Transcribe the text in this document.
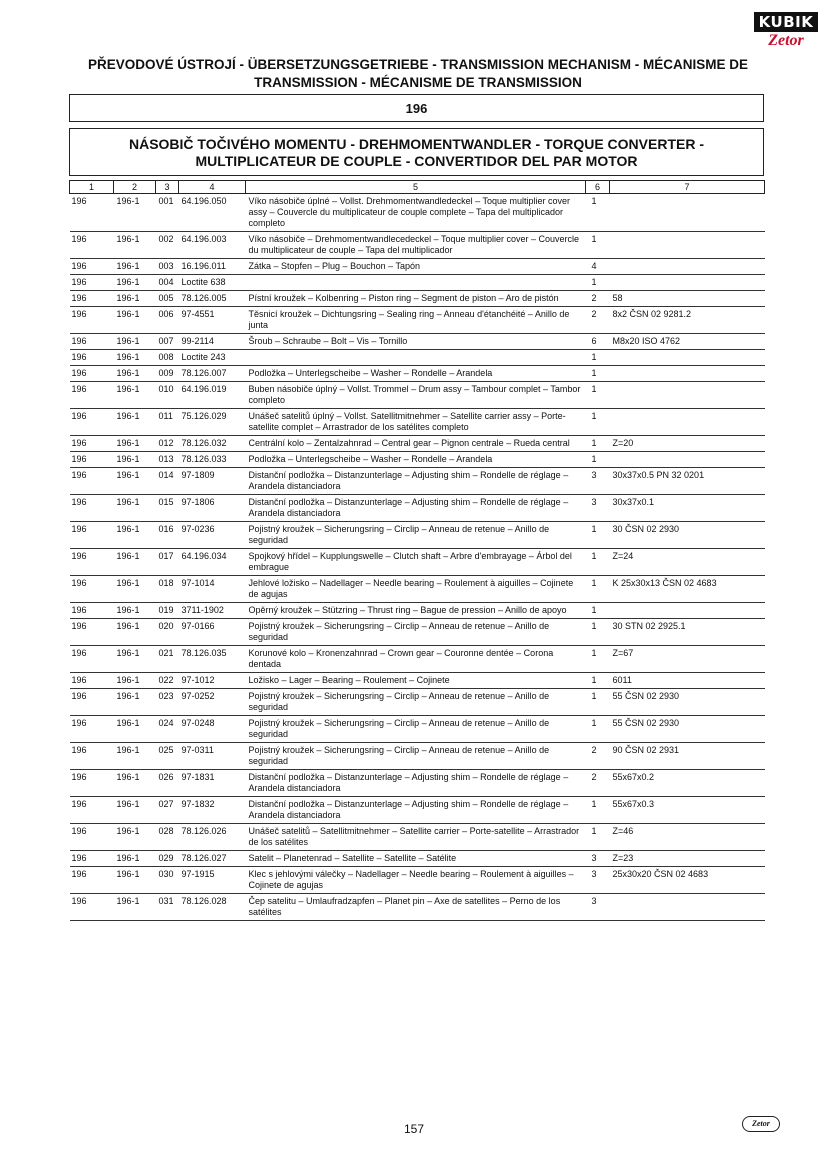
KUBIK
Zetor
PŘEVODOVÉ ÚSTROJÍ - ÜBERSETZUNGSGETRIEBE - TRANSMISSION MECHANISM - MÉCANISME DE TRANSMISSION - MÉCANISME DE TRANSMISSION
196
NÁSOBIČ TOČIVÉHO MOMENTU - DREHMOMENTWANDLER - TORQUE CONVERTER -
MULTIPLICATEUR DE COUPLE - CONVERTIDOR DEL PAR MOTOR
1	2	3	4	5	6	7
196	196-1	001	64.196.050	Víko násobiče úplné – Vollst. Drehmomentwandledeckel – Toque multiplier cover assy – Couvercle du multiplicateur de couple complete – Tapa del multiplicador completo	1	
196	196-1	002	64.196.003	Víko násobiče – Drehmomentwandlecedeckel – Toque multiplier cover – Couvercle du multiplicateur de couple – Tapa del multiplicador	1	
196	196-1	003	16.196.011	Zátka – Stopfen – Plug – Bouchon – Tapón	4	
196	196-1	004	Loctite 638		1	
196	196-1	005	78.126.005	Pístní kroužek – Kolbenring – Piston ring – Segment de piston – Aro de pistón	2	58
196	196-1	006	97-4551	Těsnicí kroužek – Dichtungsring – Sealing ring – Anneau d'étanchéité – Anillo de junta	2	8x2 ČSN 02 9281.2
196	196-1	007	99-2114	Šroub – Schraube – Bolt – Vis – Tornillo	6	M8x20 ISO 4762
196	196-1	008	Loctite 243		1	
196	196-1	009	78.126.007	Podložka – Unterlegscheibe – Washer – Rondelle – Arandela	1	
196	196-1	010	64.196.019	Buben násobiče úplný – Vollst. Trommel – Drum assy – Tambour complet – Tambor completo	1	
196	196-1	011	75.126.029	Unášeč satelitů úplný – Vollst. Satellitmitnehmer – Satellite carrier assy – Porte-satellite complet – Arrastrador de los satélites completo	1	
196	196-1	012	78.126.032	Centrální kolo – Zentalzahnrad – Central gear – Pignon centrale – Rueda central	1	Z=20
196	196-1	013	78.126.033	Podložka – Unterlegscheibe – Washer – Rondelle – Arandela	1	
196	196-1	014	97-1809	Distanční podložka – Distanzunterlage – Adjusting shim – Rondelle de réglage – Arandela distanciadora	3	30x37x0.5 PN 32 0201
196	196-1	015	97-1806	Distanční podložka – Distanzunterlage – Adjusting shim – Rondelle de réglage – Arandela distanciadora	3	30x37x0.1
196	196-1	016	97-0236	Pojistný kroužek – Sicherungsring – Circlip – Anneau de retenue – Anillo de seguridad	1	30 ČSN 02 2930
196	196-1	017	64.196.034	Spojkový hřídel – Kupplungswelle – Clutch shaft – Arbre d'embrayage – Árbol del embrague	1	Z=24
196	196-1	018	97-1014	Jehlové ložisko – Nadellager – Needle bearing – Roulement à aiguilles – Cojinete de agujas	1	K 25x30x13 ČSN 02 4683
196	196-1	019	3711-1902	Opěrný kroužek – Stützring – Thrust ring – Bague de pression – Anillo de apoyo	1	
196	196-1	020	97-0166	Pojistný kroužek – Sicherungsring – Circlip – Anneau de retenue – Anillo de seguridad	1	30 STN 02 2925.1
196	196-1	021	78.126.035	Korunové kolo – Kronenzahnrad – Crown gear – Couronne dentée – Corona dentada	1	Z=67
196	196-1	022	97-1012	Ložisko – Lager – Bearing – Roulement – Cojinete	1	6011
196	196-1	023	97-0252	Pojistný kroužek – Sicherungsring – Circlip – Anneau de retenue – Anillo de seguridad	1	55 ČSN 02 2930
196	196-1	024	97-0248	Pojistný kroužek – Sicherungsring – Circlip – Anneau de retenue – Anillo de seguridad	1	55 ČSN 02 2930
196	196-1	025	97-0311	Pojistný kroužek – Sicherungsring – Circlip – Anneau de retenue – Anillo de seguridad	2	90 ČSN 02 2931
196	196-1	026	97-1831	Distanční podložka – Distanzunterlage – Adjusting shim – Rondelle de réglage – Arandela distanciadora	2	55x67x0.2
196	196-1	027	97-1832	Distanční podložka – Distanzunterlage – Adjusting shim – Rondelle de réglage – Arandela distanciadora	1	55x67x0.3
196	196-1	028	78.126.026	Unášeč satelitů – Satellitmitnehmer – Satellite carrier – Porte-satellite – Arrastrador de los satélites	1	Z=46
196	196-1	029	78.126.027	Satelit – Planetenrad – Satellite – Satellite – Satélite	3	Z=23
196	196-1	030	97-1915	Klec s jehlovými válečky – Nadellager – Needle bearing – Roulement à aiguilles – Cojinete de agujas	3	25x30x20 ČSN 02 4683
196	196-1	031	78.126.028	Čep satelitu – Umlaufradzapfen – Planet pin – Axe de satellites – Perno de los satélites	3	
157	Zetor
